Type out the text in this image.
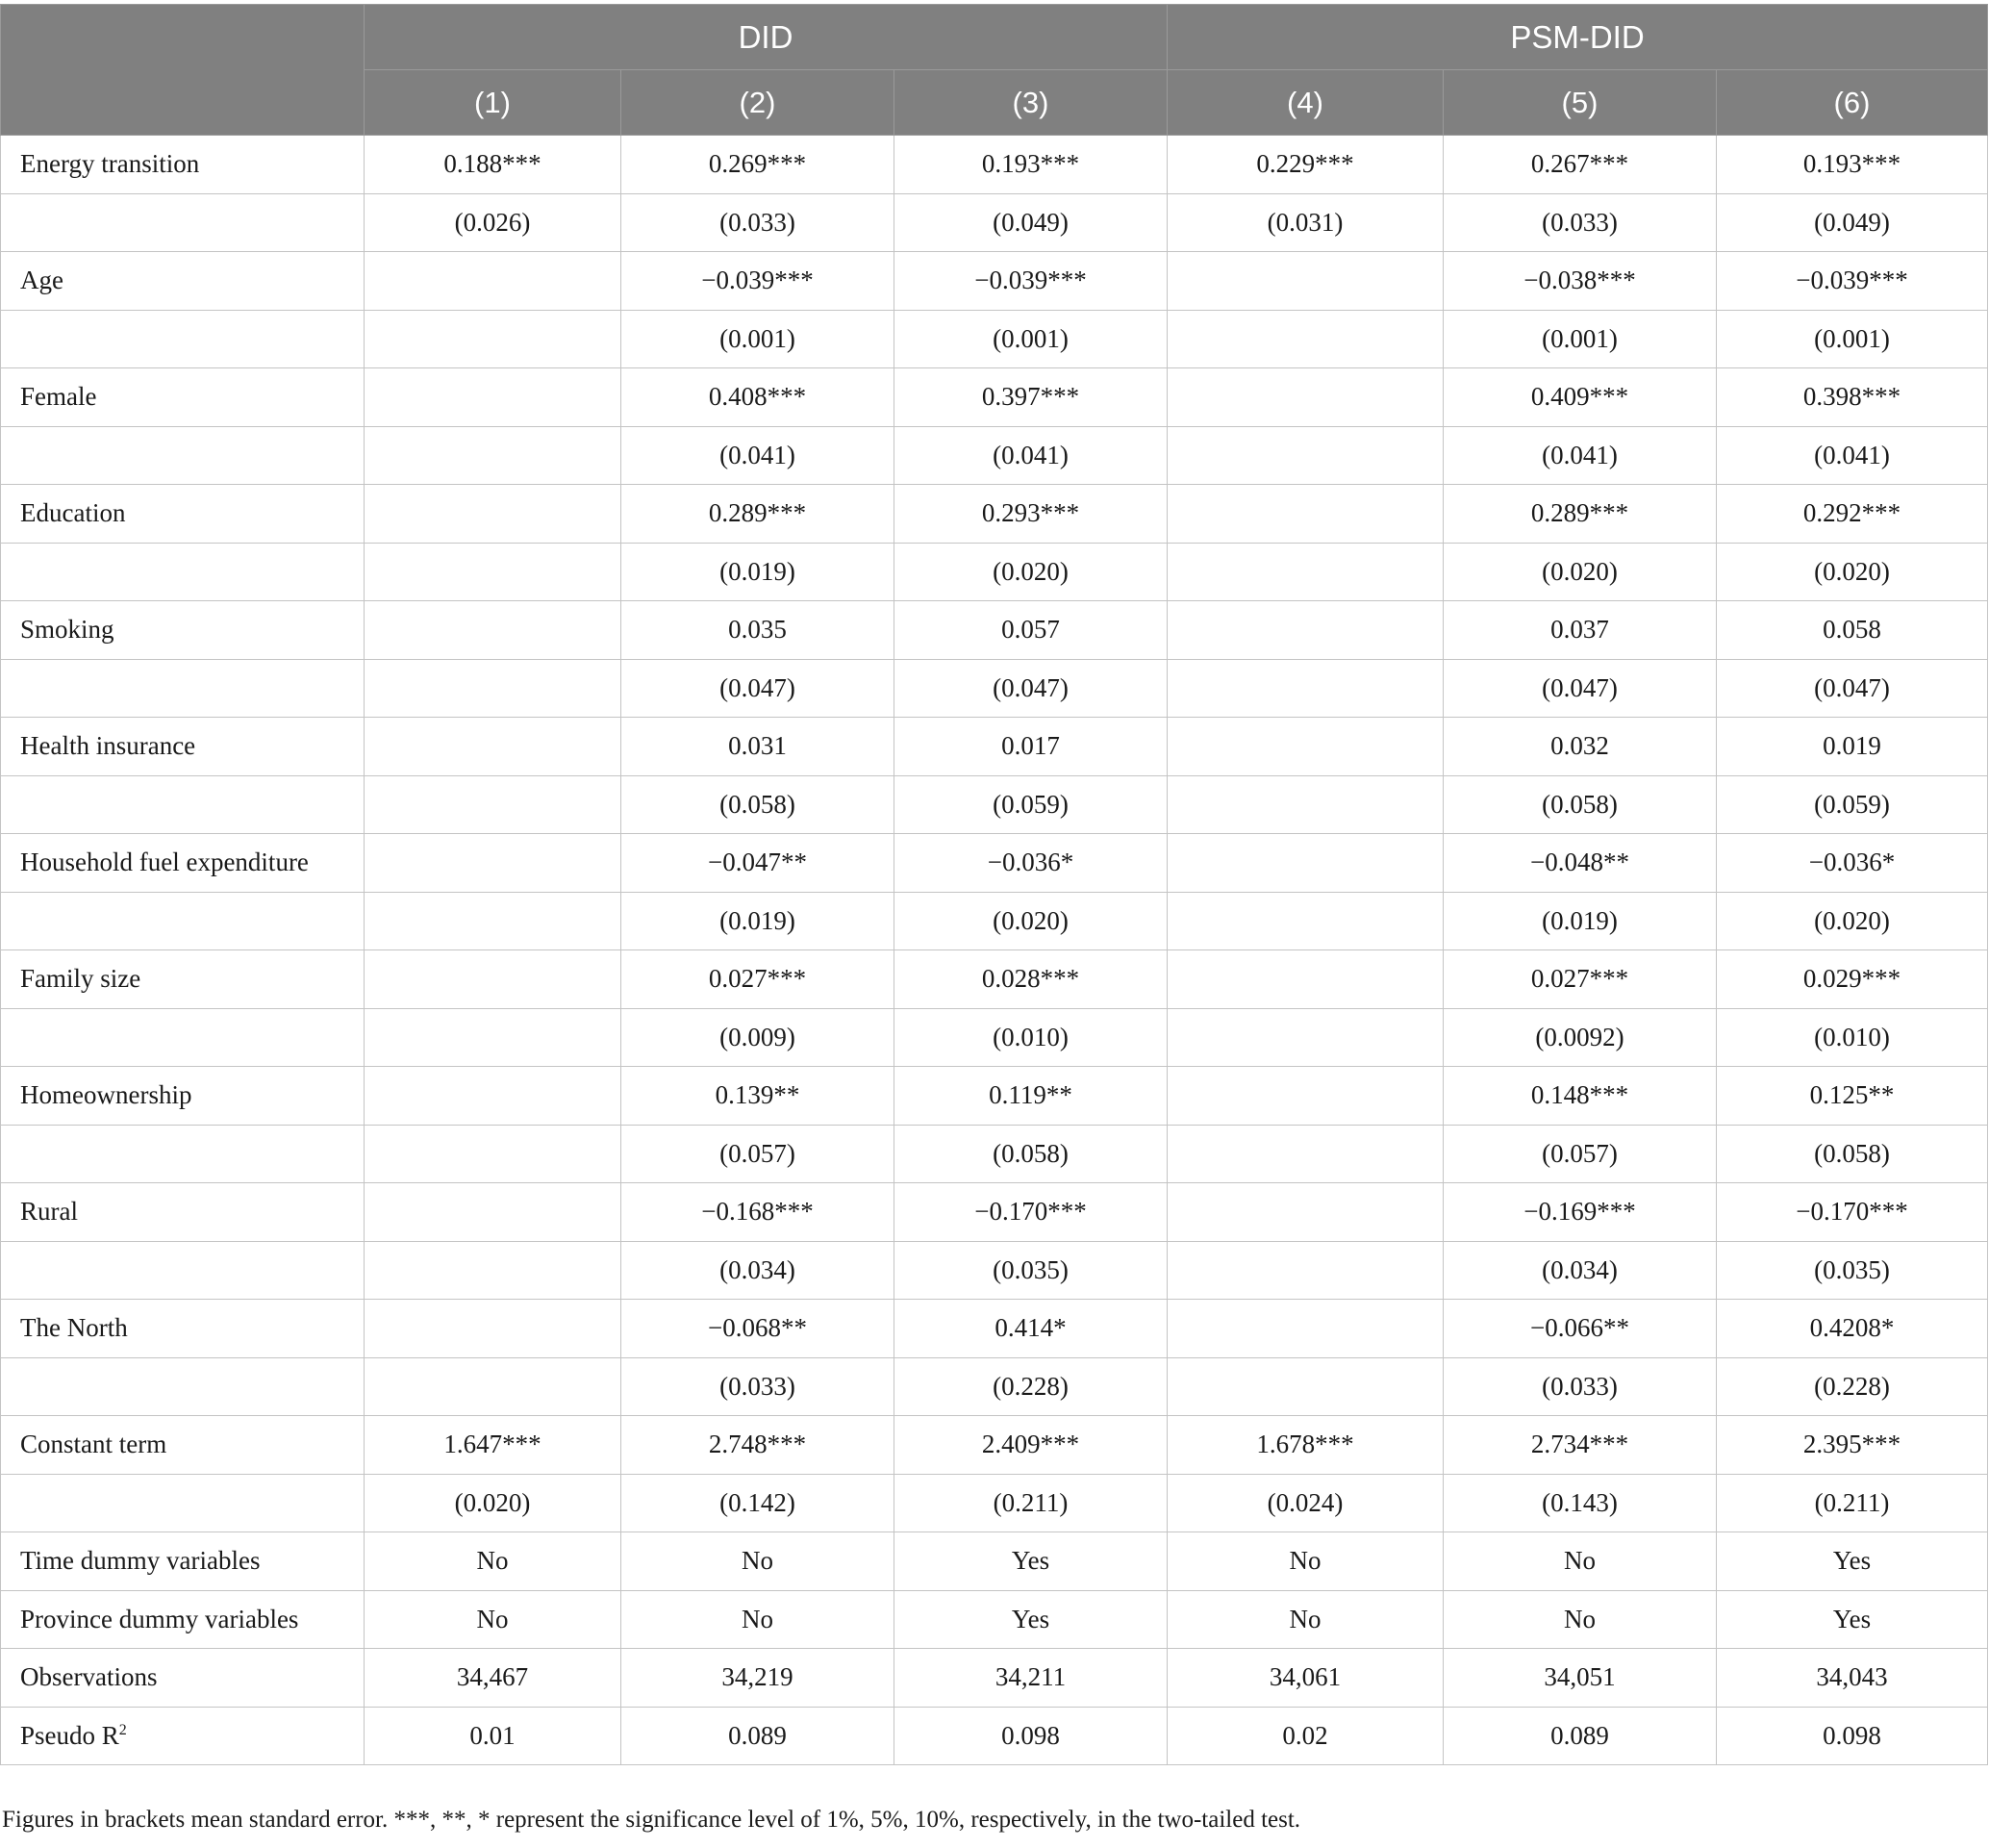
	DID			PSM-DID		
	(1)	(2)	(3)	(4)	(5)	(6)
Energy transition	0.188***	0.269***	0.193***	0.229***	0.267***	0.193***
	(0.026)	(0.033)	(0.049)	(0.031)	(0.033)	(0.049)
Age		−0.039***	−0.039***		−0.038***	−0.039***
		(0.001)	(0.001)		(0.001)	(0.001)
Female		0.408***	0.397***		0.409***	0.398***
		(0.041)	(0.041)		(0.041)	(0.041)
Education		0.289***	0.293***		0.289***	0.292***
		(0.019)	(0.020)		(0.020)	(0.020)
Smoking		0.035	0.057		0.037	0.058
		(0.047)	(0.047)		(0.047)	(0.047)
Health insurance		0.031	0.017		0.032	0.019
		(0.058)	(0.059)		(0.058)	(0.059)
Household fuel expenditure		−0.047**	−0.036*		−0.048**	−0.036*
		(0.019)	(0.020)		(0.019)	(0.020)
Family size		0.027***	0.028***		0.027***	0.029***
		(0.009)	(0.010)		(0.0092)	(0.010)
Homeownership		0.139**	0.119**		0.148***	0.125**
		(0.057)	(0.058)		(0.057)	(0.058)
Rural		−0.168***	−0.170***		−0.169***	−0.170***
		(0.034)	(0.035)		(0.034)	(0.035)
The North		−0.068**	0.414*		−0.066**	0.4208*
		(0.033)	(0.228)		(0.033)	(0.228)
Constant term	1.647***	2.748***	2.409***	1.678***	2.734***	2.395***
	(0.020)	(0.142)	(0.211)	(0.024)	(0.143)	(0.211)
Time dummy variables	No	No	Yes	No	No	Yes
Province dummy variables	No	No	Yes	No	No	Yes
Observations	34,467	34,219	34,211	34,061	34,051	34,043
Pseudo $R^2$	0.01	0.089	0.098	0.02	0.089	0.098
Figures in brackets mean standard error. ***, **, * represent the significance level of 1%, 5%, 10%, respectively, in the two-tailed test.
